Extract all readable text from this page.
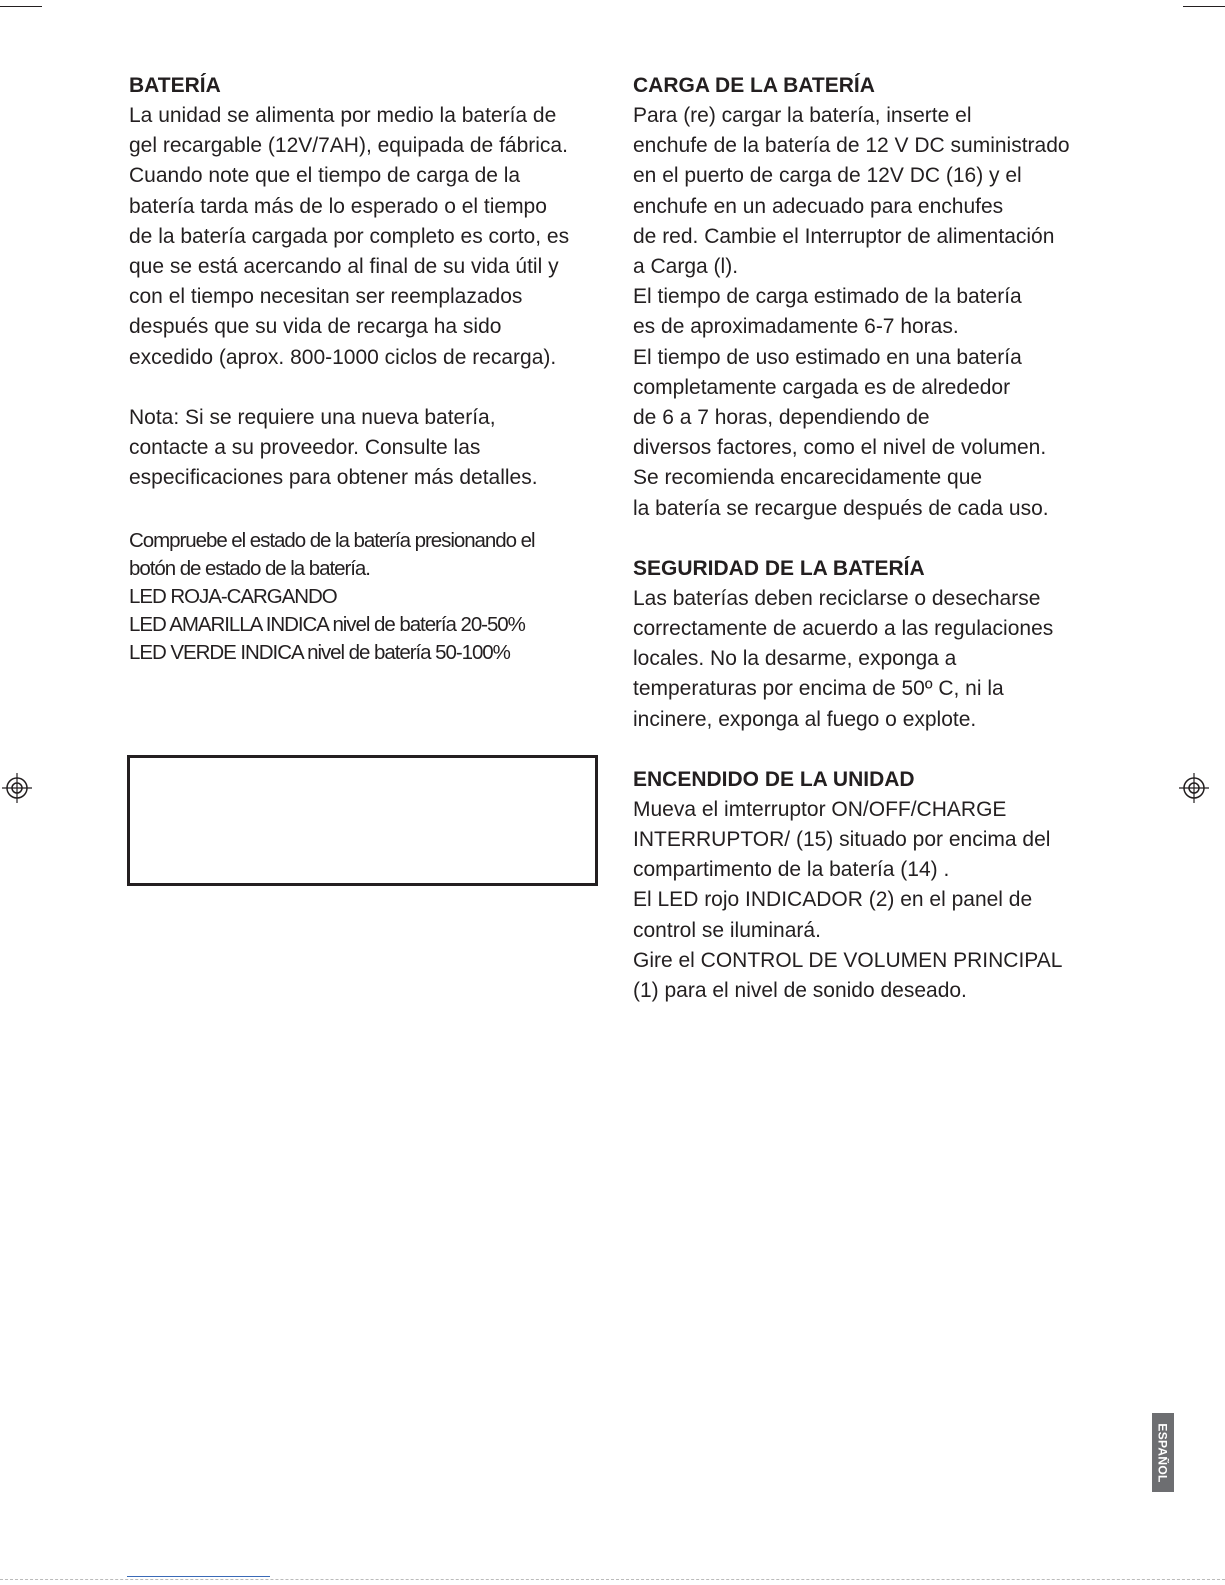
BATERÍA

La unidad se alimenta por medio la batería de

gel recargable (12V/7AH), equipada de fábrica.

Cuando note que el tiempo de carga de la

batería tarda más de lo esperado o el tiempo

de la batería cargada por completo es corto, es

que se está acercando al final de su vida útil y

con el tiempo necesitan ser reemplazados

después que su vida de recarga ha sido

excedido (aprox. 800-1000 ciclos de recarga).

Nota: Si se requiere una nueva batería,

contacte a su proveedor. Consulte las

especificaciones para obtener más detalles.

Compruebe el estado de la batería presionando el

botón de estado de la batería.

LED ROJA-CARGANDO

LED AMARILLA INDICA nivel de batería 20-50%

LED VERDE INDICA nivel de batería 50-100%

CARGA DE LA BATERÍA

Para (re) cargar la batería, inserte el

enchufe de la batería de 12 V DC suministrado

en el puerto de carga de 12V DC (16) y el

enchufe en un adecuado para enchufes

de red. Cambie el Interruptor de alimentación

a Carga (l).

El tiempo de carga estimado de la batería

es de aproximadamente 6-7 horas.

El tiempo de uso estimado en una batería

completamente cargada es de alrededor

de 6 a 7 horas, dependiendo de

diversos factores, como el nivel de volumen.

Se recomienda encarecidamente que

la batería se recargue después de cada uso.

SEGURIDAD DE LA BATERÍA

Las baterías deben reciclarse o desecharse

correctamente de acuerdo a las regulaciones

locales. No la desarme, exponga a

temperaturas por encima de 50º C, ni la

incinere, exponga al fuego o explote.

ENCENDIDO DE LA UNIDAD

Mueva el imterruptor ON/OFF/CHARGE

INTERRUPTOR/ (15) situado por encima del

compartimento de la batería (14) .

El LED rojo INDICADOR (2) en el panel de

control se iluminará.

Gire el CONTROL DE VOLUMEN PRINCIPAL

(1) para el nivel de sonido deseado.

ESPAÑOL
